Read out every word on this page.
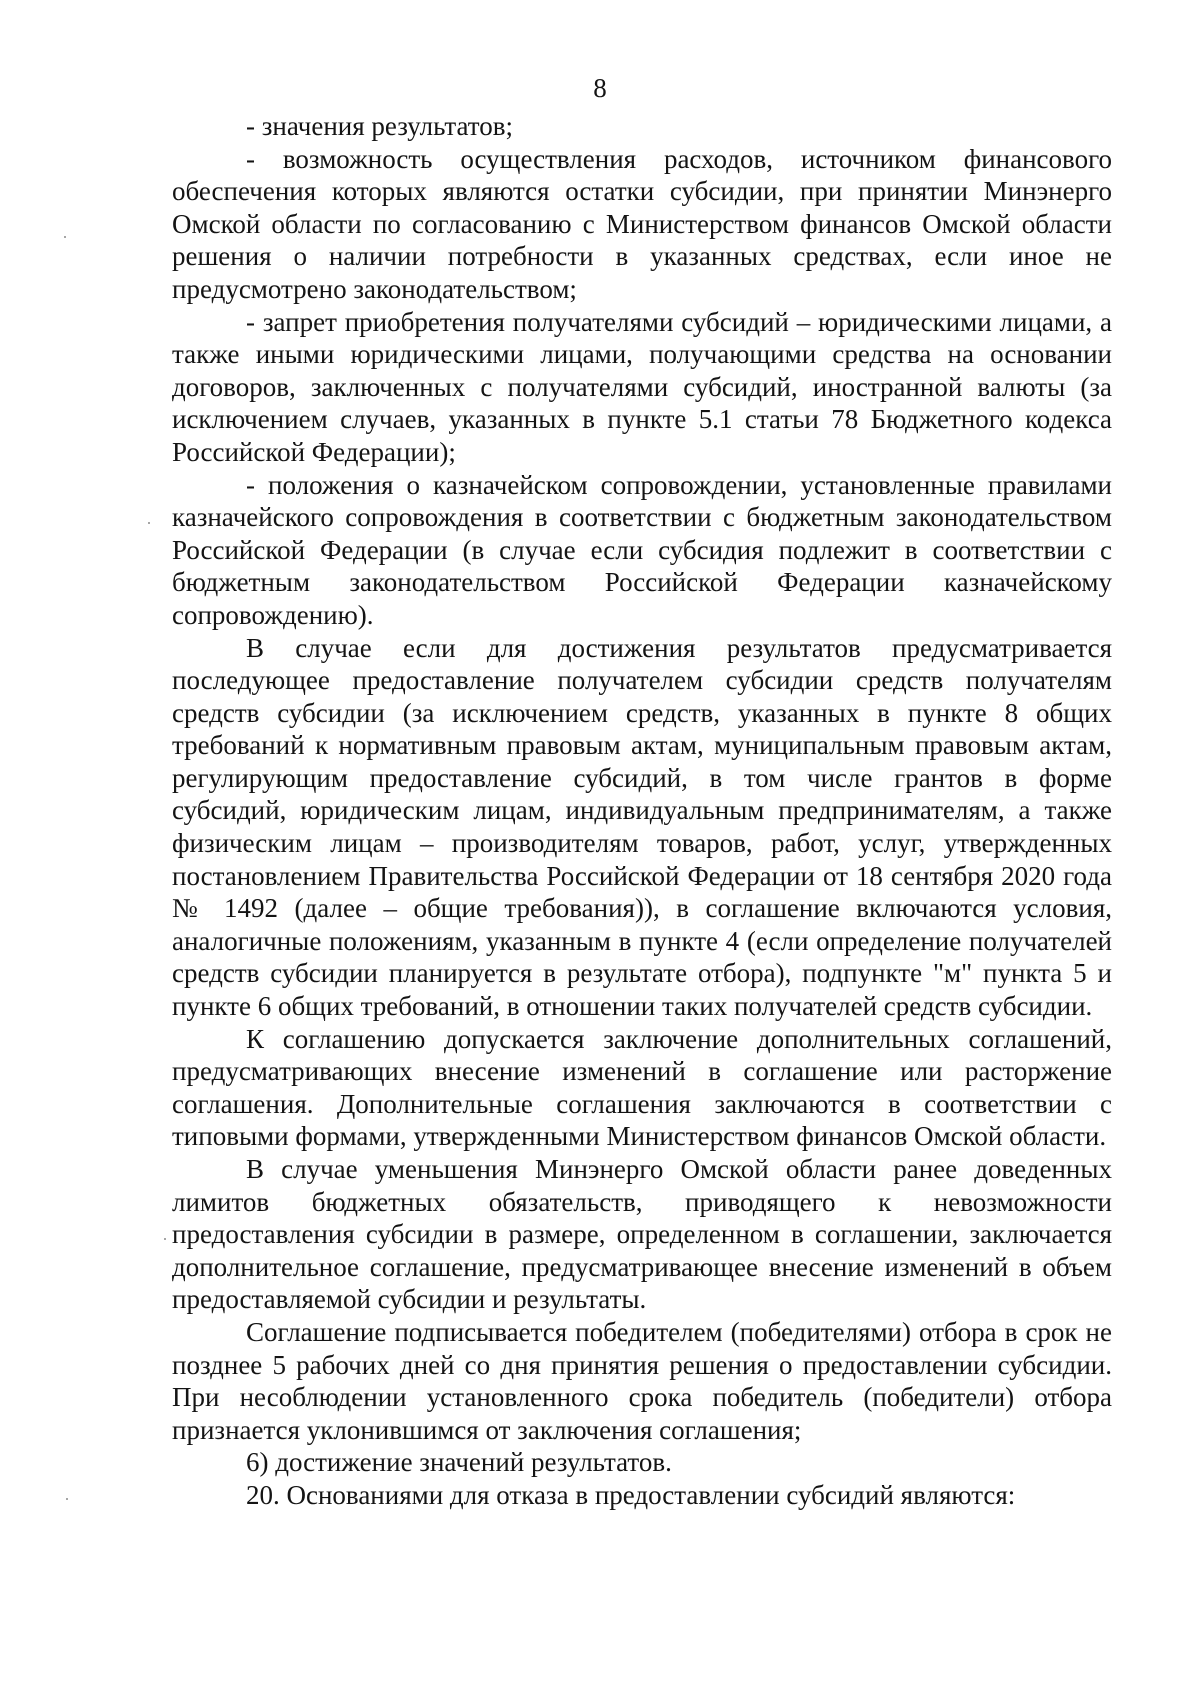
8

- значения результатов;

- возможность осуществления расходов, источником финансового обеспечения которых являются остатки субсидии, при принятии Минэнерго Омской области по согласованию с Министерством финансов Омской области решения о наличии потребности в указанных средствах, если иное не предусмотрено законодательством;

- запрет приобретения получателями субсидий – юридическими лицами, а также иными юридическими лицами, получающими средства на основании договоров, заключенных с получателями субсидий, иностранной валюты (за исключением случаев, указанных в пункте 5.1 статьи 78 Бюджетного кодекса Российской Федерации);

- положения о казначейском сопровождении, установленные правилами казначейского сопровождения в соответствии с бюджетным законодательством Российской Федерации (в случае если субсидия подлежит в соответствии с бюджетным законодательством Российской Федерации казначейскому сопровождению).

В случае если для достижения результатов предусматривается последующее предоставление получателем субсидии средств получателям средств субсидии (за исключением средств, указанных в пункте 8 общих требований к нормативным правовым актам, муниципальным правовым актам, регулирующим предоставление субсидий, в том числе грантов в форме субсидий, юридическим лицам, индивидуальным предпринимателям, а также физическим лицам – производителям товаров, работ, услуг, утвержденных постановлением Правительства Российской Федерации от 18 сентября 2020 года № 1492 (далее – общие требования)), в соглашение включаются условия, аналогичные положениям, указанным в пункте 4 (если определение получателей средств субсидии планируется в результате отбора), подпункте "м" пункта 5 и пункте 6 общих требований, в отношении таких получателей средств субсидии.

К соглашению допускается заключение дополнительных соглашений, предусматривающих внесение изменений в соглашение или расторжение соглашения. Дополнительные соглашения заключаются в соответствии с типовыми формами, утвержденными Министерством финансов Омской области.

В случае уменьшения Минэнерго Омской области ранее доведенных лимитов бюджетных обязательств, приводящего к невозможности предоставления субсидии в размере, определенном в соглашении, заключается дополнительное соглашение, предусматривающее внесение изменений в объем предоставляемой субсидии и результаты.

Соглашение подписывается победителем (победителями) отбора в срок не позднее 5 рабочих дней со дня принятия решения о предоставлении субсидии. При несоблюдении установленного срока победитель (победители) отбора признается уклонившимся от заключения соглашения;

6) достижение значений результатов.

20. Основаниями для отказа в предоставлении субсидий являются:
